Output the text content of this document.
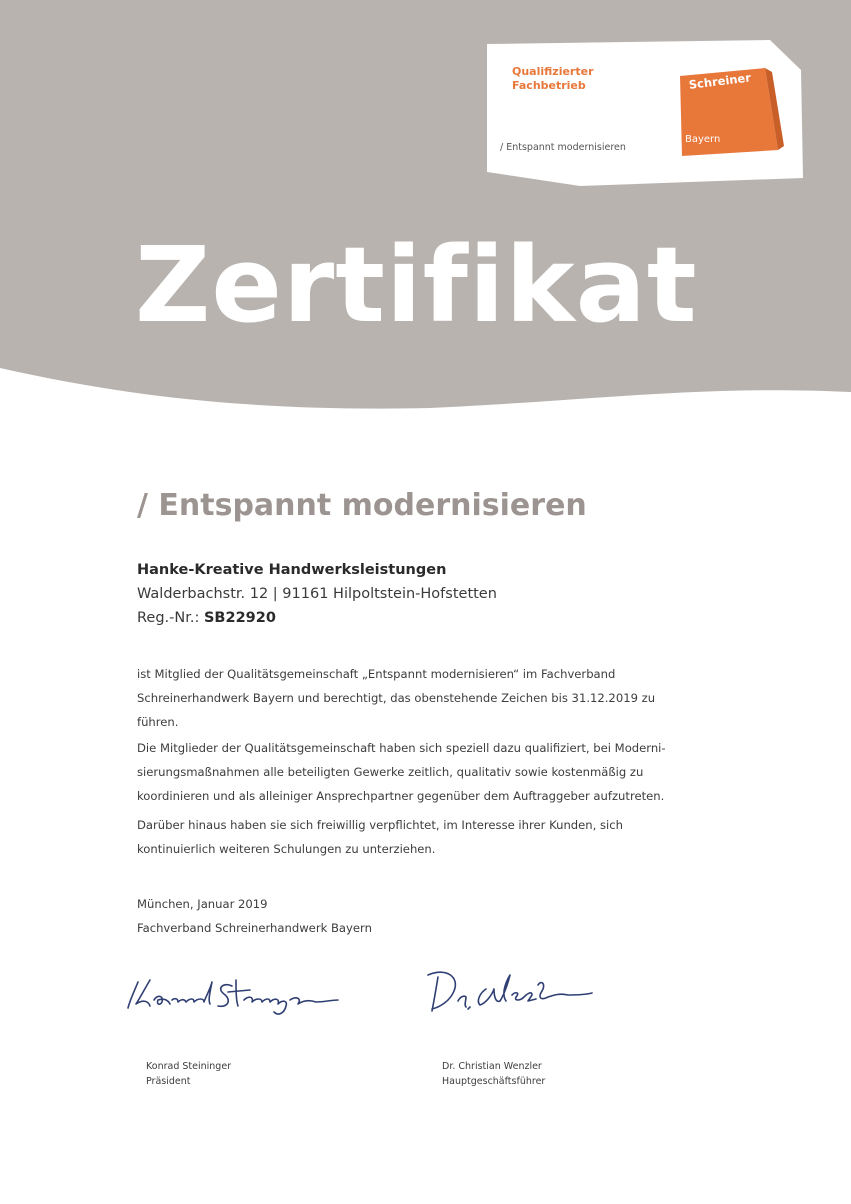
Qualifizierter
Fachbetrieb
/ Entspannt modernisieren
Schreiner
Bayern
Zertifikat
/ Entspannt modernisieren
Hanke-Kreative Handwerksleistungen
Walderbachstr. 12 | 91161 Hilpoltstein-Hofstetten
Reg.-Nr.: SB22920

ist Mitglied der Qualitätsgemeinschaft „Entspannt modernisieren“ im Fachverband Schreinerhandwerk Bayern und berechtigt, das obenstehende Zeichen bis 31.12.2019 zu führen.

Die Mitglieder der Qualitätsgemeinschaft haben sich speziell dazu qualifiziert, bei Modernisierungsmaßnahmen alle beteiligten Gewerke zeitlich, qualitativ sowie kostenmäßig zu koordinieren und als alleiniger Ansprechpartner gegenüber dem Auftraggeber aufzutreten.

Darüber hinaus haben sie sich freiwillig verpflichtet, im Interesse ihrer Kunden, sich kontinuierlich weiteren Schulungen zu unterziehen.

München, Januar 2019
Fachverband Schreinerhandwerk Bayern
Konrad Steininger
Präsident
Dr. Christian Wenzler
Hauptgeschäftsführer
